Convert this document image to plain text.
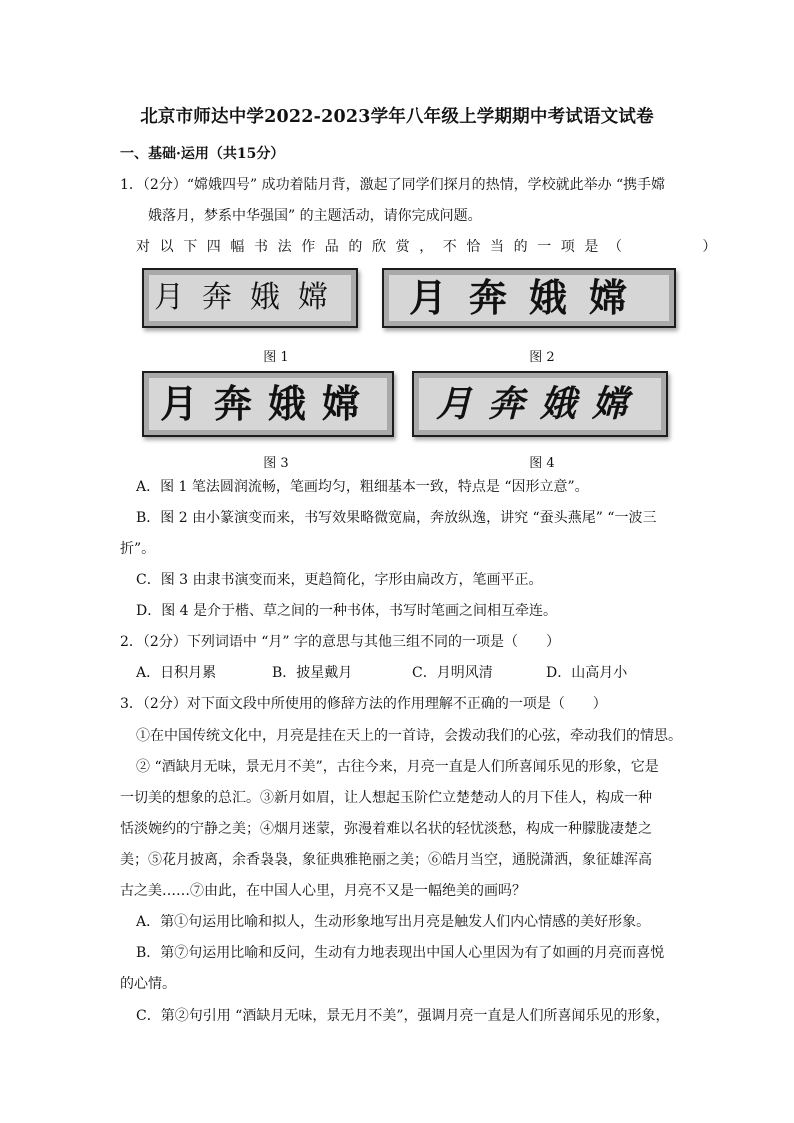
北京市师达中学2022-2023学年八年级上学期期中考试语文试卷
一、基础·运用（共15分）
1．（2分）“嫦娥四号” 成功着陆月背，激起了同学们探月的热情，学校就此举办 “携手嫦
娥落月，梦系中华强国” 的主题活动，请你完成问题。
对以下四幅书法作品的欣赏，不恰当的一项是（　　　）
月奔娥嫦 月奔娥嫦
图 1	图 2
月奔娥嫦 月奔娥嫦
图 3	图 4
A．图 1 笔法圆润流畅，笔画均匀，粗细基本一致，特点是 “因形立意”。
B．图 2 由小篆演变而来，书写效果略微宽扁，奔放纵逸，讲究 “蚕头燕尾” “一波三
折”。
C．图 3 由隶书演变而来，更趋简化，字形由扁改方，笔画平正。
D．图 4 是介于楷、草之间的一种书体，书写时笔画之间相互牵连。
2．（2分）下列词语中 “月” 字的意思与其他三组不同的一项是（　　）
A．日积月累	B．披星戴月	C．月明风清	D．山高月小
3．（2分）对下面文段中所使用的修辞方法的作用理解不正确的一项是（　　）
①在中国传统文化中，月亮是挂在天上的一首诗，会拨动我们的心弦，牵动我们的情思。
② “酒缺月无味，景无月不美”，古往今来，月亮一直是人们所喜闻乐见的形象，它是
一切美的想象的总汇。③新月如眉，让人想起玉阶伫立楚楚动人的月下佳人，构成一种
恬淡婉约的宁静之美；④烟月迷蒙，弥漫着难以名状的轻忧淡愁，构成一种朦胧凄楚之
美；⑤花月披离，余香袅袅，象征典雅艳丽之美；⑥皓月当空，通脱潇洒，象征雄浑高
古之美……⑦由此，在中国人心里，月亮不又是一幅绝美的画吗？
A．第①句运用比喻和拟人，生动形象地写出月亮是触发人们内心情感的美好形象。
B．第⑦句运用比喻和反问，生动有力地表现出中国人心里因为有了如画的月亮而喜悦
的心情。
C．第②句引用 “酒缺月无味，景无月不美”，强调月亮一直是人们所喜闻乐见的形象，
